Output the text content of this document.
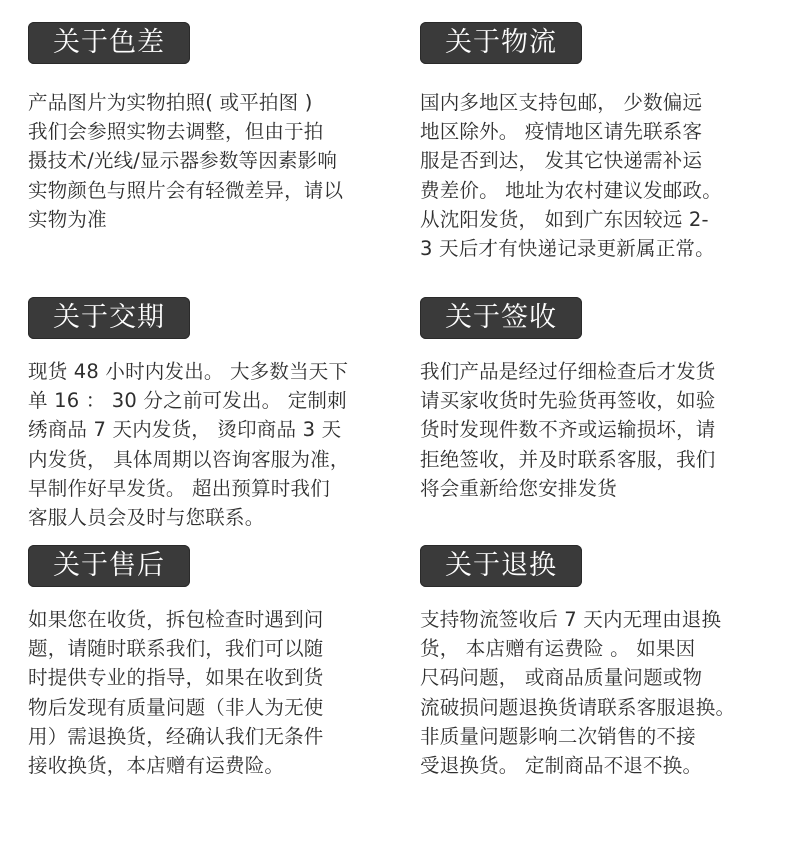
关于色差
产品图片为实物拍照( 或平拍图 )
我们会参照实物去调整，但由于拍
摄技术/光线/显示器参数等因素影响
实物颜色与照片会有轻微差异，请以
实物为准
关于物流
国内多地区支持包邮， 少数偏远
地区除外。 疫情地区请先联系客
服是否到达， 发其它快递需补运
费差价。 地址为农村建议发邮政。
从沈阳发货， 如到广东因较远 2-
3 天后才有快递记录更新属正常。
关于交期
现货 48 小时内发出。 大多数当天下
单 16 ： 30 分之前可发出。 定制刺
绣商品 7 天内发货， 烫印商品 3 天
内发货， 具体周期以咨询客服为准，
早制作好早发货。 超出预算时我们
客服人员会及时与您联系。
关于签收
我们产品是经过仔细检查后才发货
请买家收货时先验货再签收，如验
货时发现件数不齐或运输损坏，请
拒绝签收，并及时联系客服，我们
将会重新给您安排发货
关于售后
如果您在收货，拆包检查时遇到问
题，请随时联系我们，我们可以随
时提供专业的指导，如果在收到货
物后发现有质量问题（非人为无使
用）需退换货，经确认我们无条件
接收换货，本店赠有运费险。
关于退换
支持物流签收后 7 天内无理由退换
货， 本店赠有运费险 。 如果因
尺码问题， 或商品质量问题或物
流破损问题退换货请联系客服退换。
非质量问题影响二次销售的不接
受退换货。 定制商品不退不换。
